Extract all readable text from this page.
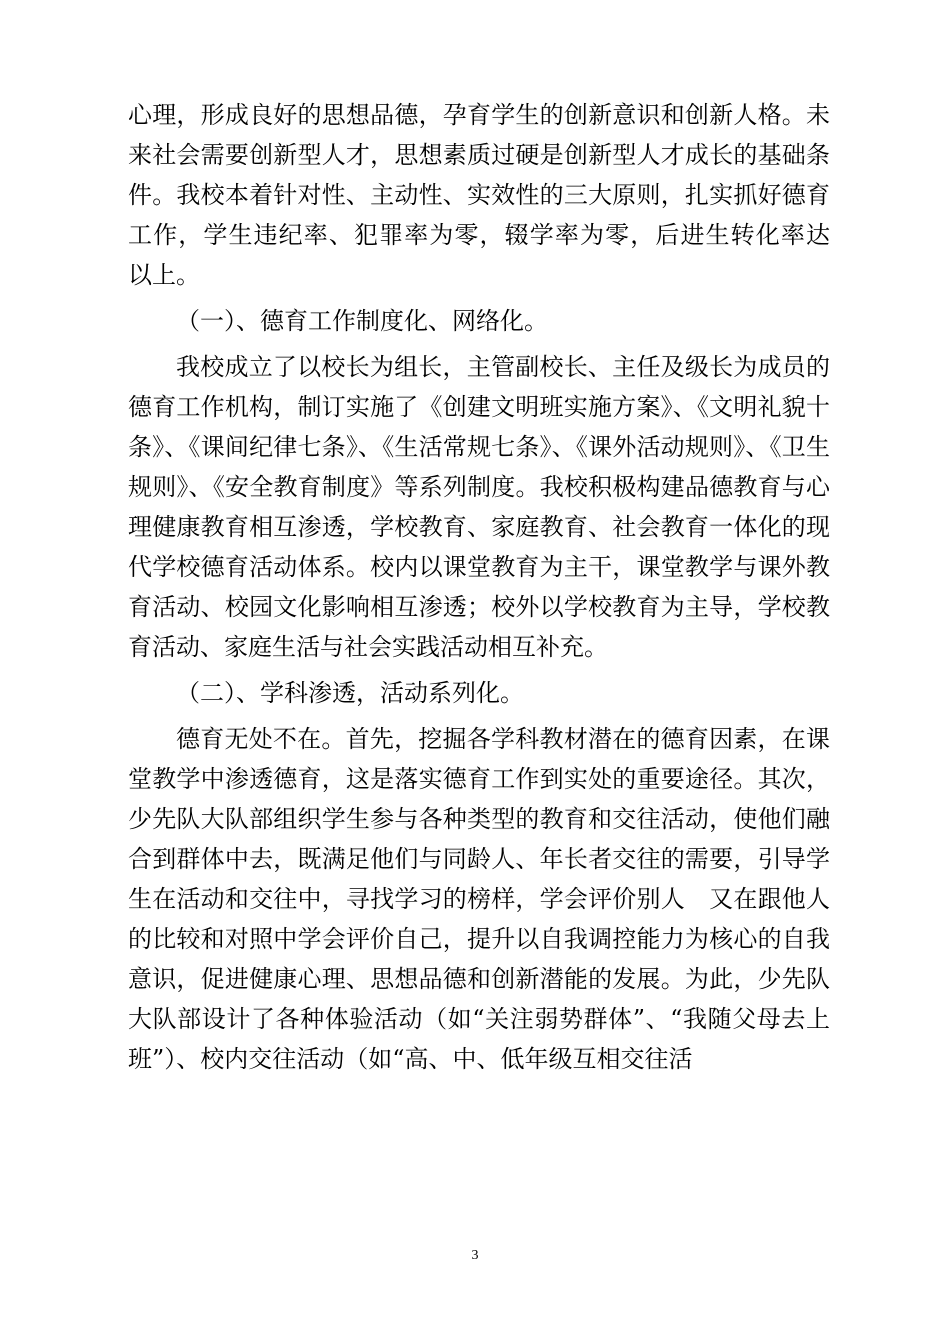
心理，形成良好的思想品德，孕育学生的创新意识和创新人格。未来社会需要创新型人才，思想素质过硬是创新型人才成长的基础条件。我校本着针对性、主动性、实效性的三大原则，扎实抓好德育工作，学生违纪率、犯罪率为零，辍学率为零，后进生转化率达　　以上。

（一）、德育工作制度化、网络化。

我校成立了以校长为组长，主管副校长、主任及级长为成员的德育工作机构，制订实施了《创建文明班实施方案》、《文明礼貌十条》、《课间纪律七条》、《生活常规七条》、《课外活动规则》、《卫生规则》、《安全教育制度》等系列制度。我校积极构建品德教育与心理健康教育相互渗透，学校教育、家庭教育、社会教育一体化的现代学校德育活动体系。校内以课堂教育为主干，课堂教学与课外教育活动、校园文化影响相互渗透；校外以学校教育为主导，学校教育活动、家庭生活与社会实践活动相互补充。

（二）、学科渗透，活动系列化。

德育无处不在。首先，挖掘各学科教材潜在的德育因素，在课堂教学中渗透德育，这是落实德育工作到实处的重要途径。其次，少先队大队部组织学生参与各种类型的教育和交往活动，使他们融合到群体中去，既满足他们与同龄人、年长者交往的需要，引导学生在活动和交往中，寻找学习的榜样，学会评价别人　又在跟他人的比较和对照中学会评价自己，提升以自我调控能力为核心的自我意识，促进健康心理、思想品德和创新潜能的发展。为此，少先队大队部设计了各种体验活动（如“关注弱势群体”、“我随父母去上班”）、校内交往活动（如“高、中、低年级互相交往活

3
